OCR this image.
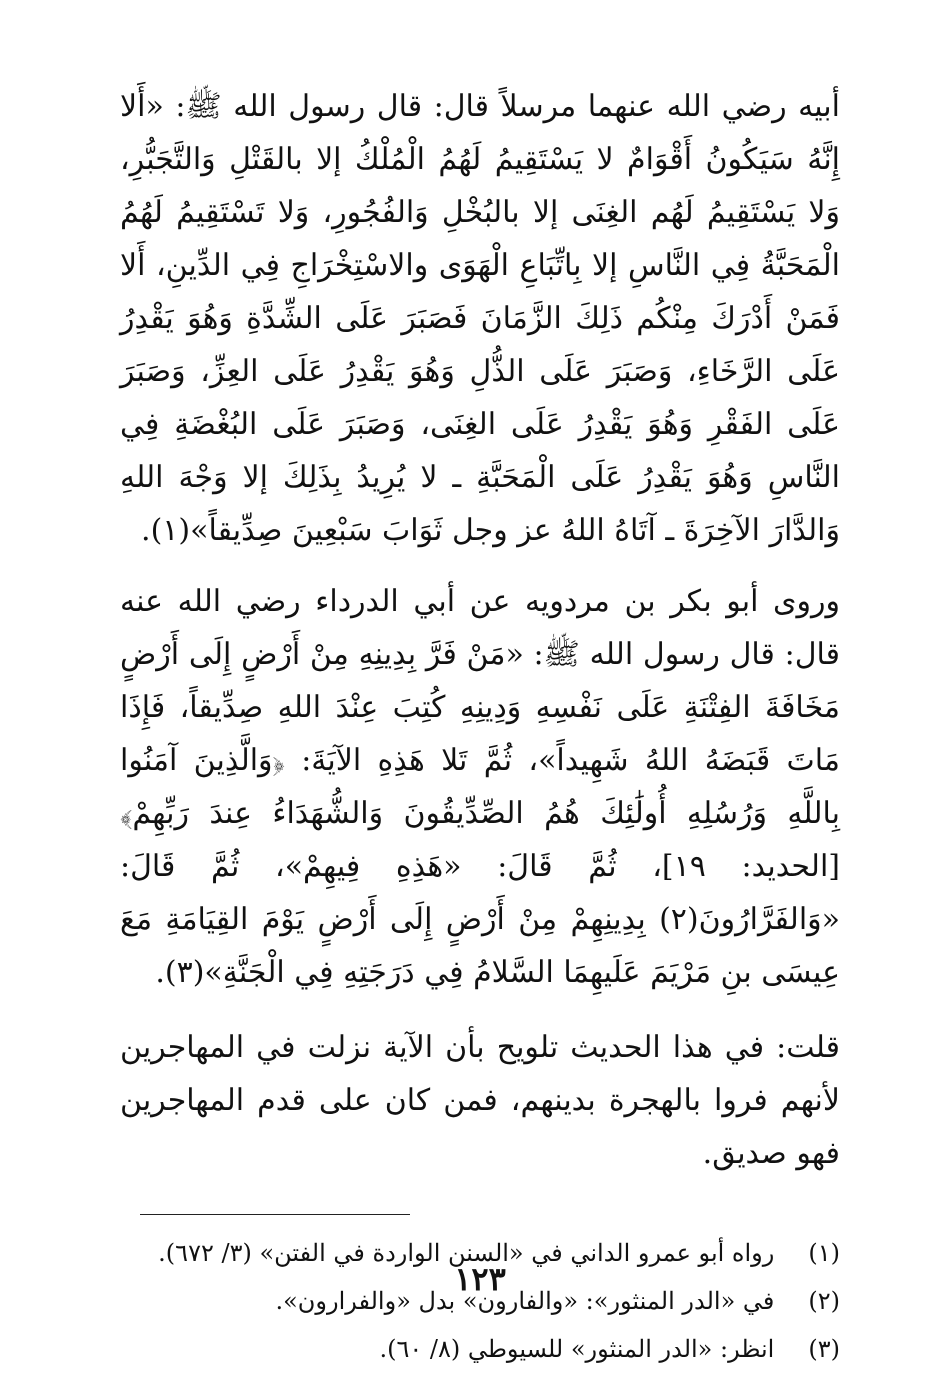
أبيه رضي الله عنهما مرسلاً قال: قال رسول الله ﷺ: «أَلا إِنَّهُ سَيَكُونُ أَقْوَامٌ لا يَسْتَقِيمُ لَهُمُ الْمُلْكُ إلا بالقَتْلِ وَالتَّجَبُّرِ، وَلا يَسْتَقِيمُ لَهُم الغِنَى إلا بالبُخْلِ وَالفُجُورِ، وَلا تَسْتَقِيمُ لَهُمُ الْمَحَبَّةُ فِي النَّاسِ إلا بِاتِّبَاعِ الْهَوَى والاسْتِخْرَاجِ فِي الدِّينِ، أَلا فَمَنْ أَدْرَكَ مِنْكُم ذَلِكَ الزَّمَانَ فَصَبَرَ عَلَى الشِّدَّةِ وَهُوَ يَقْدِرُ عَلَى الرَّخَاءِ، وَصَبَرَ عَلَى الذُّلِ وَهُوَ يَقْدِرُ عَلَى العِزِّ، وَصَبَرَ عَلَى الفَقْرِ وَهُوَ يَقْدِرُ عَلَى الغِنَى، وَصَبَرَ عَلَى البُغْضَةِ فِي النَّاسِ وَهُوَ يَقْدِرُ عَلَى الْمَحَبَّةِ ـ لا يُرِيدُ بِذَلِكَ إلا وَجْهَ اللهِ وَالدَّارَ الآخِرَةَ ـ آتَاهُ اللهُ عز وجل ثَوَابَ سَبْعِينَ صِدِّيقاً»(١).

وروى أبو بكر بن مردويه عن أبي الدرداء رضي الله عنه قال: قال رسول الله ﷺ: «مَنْ فَرَّ بِدِينِهِ مِنْ أَرْضٍ إِلَى أَرْضٍ مَخَافَةَ الفِتْنَةِ عَلَى نَفْسِهِ وَدِينِهِ كُتِبَ عِنْدَ اللهِ صِدِّيقاً، فَإِذَا مَاتَ قَبَضَهُ اللهُ شَهِيداً»، ثُمَّ تَلا هَذِهِ الآيَةَ: ﴿وَالَّذِينَ آمَنُوا بِاللَّهِ وَرُسُلِهِ أُولَٰئِكَ هُمُ الصِّدِّيقُونَ وَالشُّهَدَاءُ عِندَ رَبِّهِمْ﴾[الحديد: ١٩]، ثُمَّ قَالَ: «هَذِهِ فِيهِمْ»، ثُمَّ قَالَ: «وَالفَرَّارُونَ(٢) بِدِينِهِمْ مِنْ أَرْضٍ إِلَى أَرْضٍ يَوْمَ القِيَامَةِ مَعَ عِيسَى بنِ مَرْيَمَ عَلَيهِمَا السَّلامُ فِي دَرَجَتِهِ فِي الْجَنَّةِ»(٣).

قلت: في هذا الحديث تلويح بأن الآية نزلت في المهاجرين لأنهم فروا بالهجرة بدينهم، فمن كان على قدم المهاجرين فهو صديق.

(١) رواه أبو عمرو الداني في «السنن الواردة في الفتن» (٣/ ٦٧٢).
(٢) في «الدر المنثور»: «والفارون» بدل «والفرارون».
(٣) انظر: «الدر المنثور» للسيوطي (٨/ ٦٠).
١٢٣
